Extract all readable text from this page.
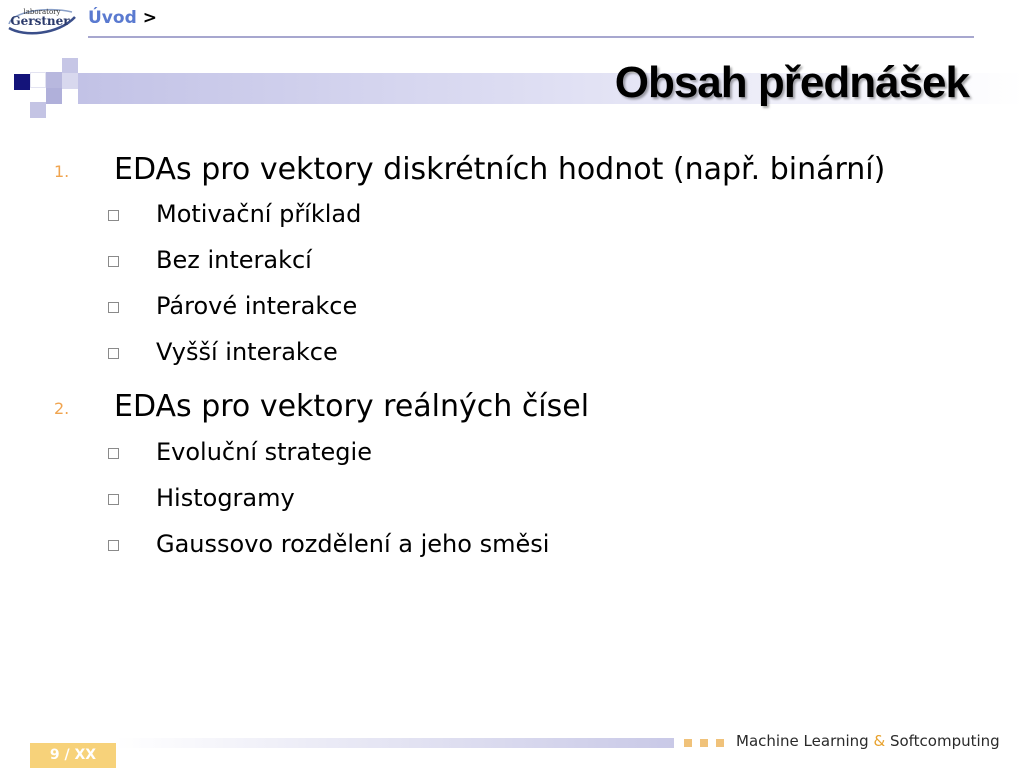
laboratory
Gerstner Úvod >
Obsah přednášek
1. EDAs pro vektory diskrétních hodnot (např. binární)
Motivační příklad
Bez interakcí
Párové interakce
Vyšší interakce
2. EDAs pro vektory reálných čísel
Evoluční strategie
Histogramy
Gaussovo rozdělení a jeho směsi
9 / XX
Machine Learning & Softcomputing
